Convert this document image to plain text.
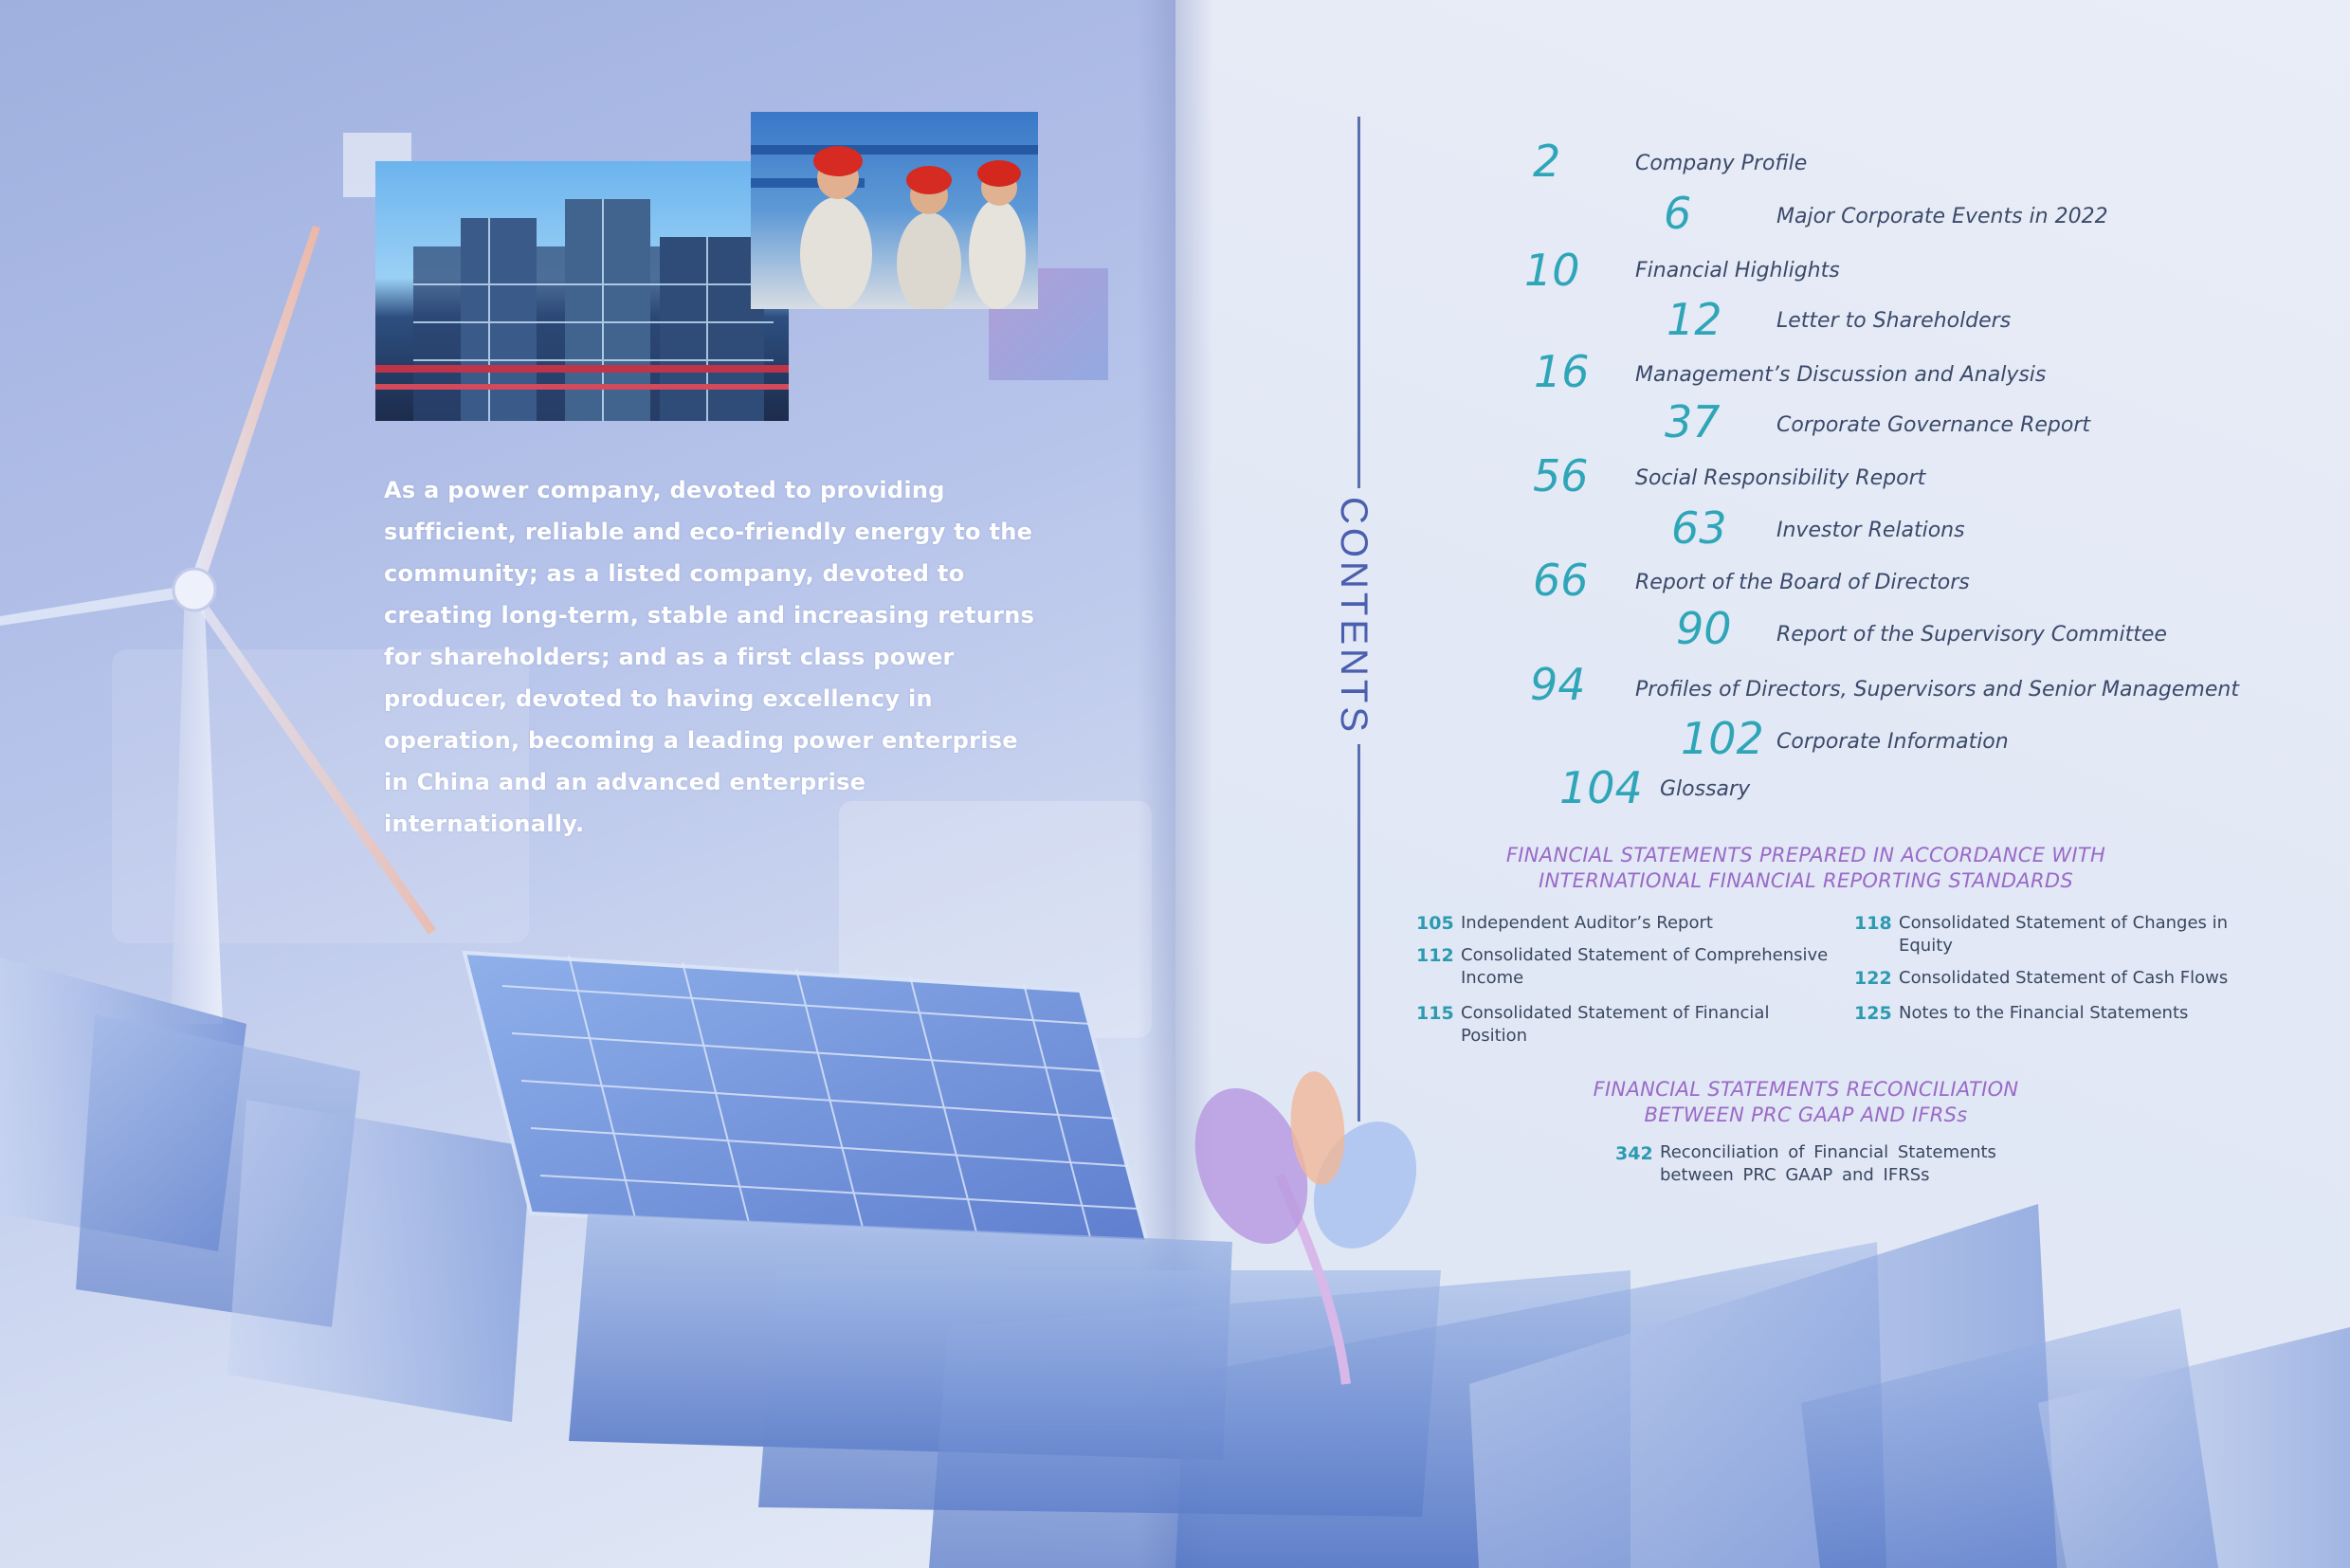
As a power company, devoted to providing sufficient, reliable and eco-friendly energy to the community; as a listed company, devoted to creating long-term, stable and increasing returns for shareholders; and as a first class power producer, devoted to having excellency in operation, becoming a leading power enterprise in China and an advanced enterprise internationally.
CONTENTS
2	Company Profile
6	Major Corporate Events in 2022
10	Financial Highlights
12	Letter to Shareholders
16 Management’s Discussion and Analysis
37	Corporate Governance Report
56 Social Responsibility Report
63 Investor Relations
66 Report of the Board of Directors
90 Report of the Supervisory Committee
94 Profiles of Directors, Supervisors and Senior Management
102 Corporate Information
104 Glossary
FINANCIAL STATEMENTS PREPARED IN ACCORDANCE WITH
INTERNATIONAL FINANCIAL REPORTING STANDARDS
105 Independent Auditor’s Report
112 Consolidated Statement of Comprehensive
Income
115 Consolidated Statement of Financial
Position
118 Consolidated Statement of Changes in
Equity
122 Consolidated Statement of Cash Flows
125 Notes to the Financial Statements
FINANCIAL STATEMENTS RECONCILIATION
BETWEEN PRC GAAP AND IFRSs
342 Reconciliation of Financial Statements
between PRC GAAP and IFRSs
